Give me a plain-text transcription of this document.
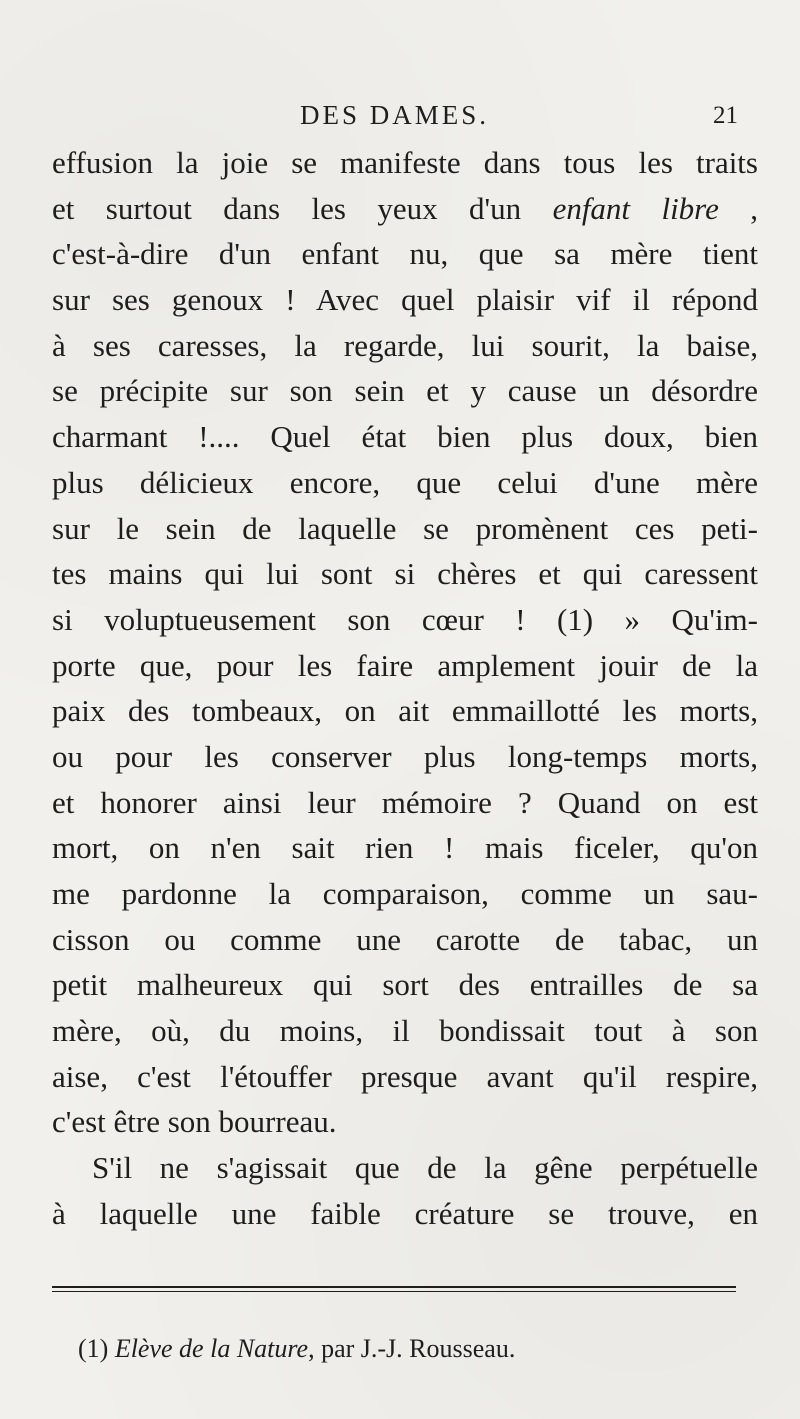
DES DAMES.	21
effusion la joie se manifeste dans tous les traits
et surtout dans les yeux d'un enfant libre ,
c'est-à-dire d'un enfant nu, que sa mère tient
sur ses genoux ! Avec quel plaisir vif il répond
à ses caresses, la regarde, lui sourit, la baise,
se précipite sur son sein et y cause un désordre
charmant !.... Quel état bien plus doux, bien
plus délicieux encore, que celui d'une mère
sur le sein de laquelle se promènent ces peti-
tes mains qui lui sont si chères et qui caressent
si voluptueusement son cœur ! (1) » Qu'im-
porte que, pour les faire amplement jouir de la
paix des tombeaux, on ait emmaillotté les morts,
ou pour les conserver plus long-temps morts,
et honorer ainsi leur mémoire ? Quand on est
mort, on n'en sait rien ! mais ficeler, qu'on
me pardonne la comparaison, comme un sau-
cisson ou comme une carotte de tabac, un
petit malheureux qui sort des entrailles de sa
mère, où, du moins, il bondissait tout à son
aise, c'est l'étouffer presque avant qu'il respire,
c'est être son bourreau.
S'il ne s'agissait que de la gêne perpétuelle
à laquelle une faible créature se trouve, en
(1) Elève de la Nature, par J.-J. Rousseau.
